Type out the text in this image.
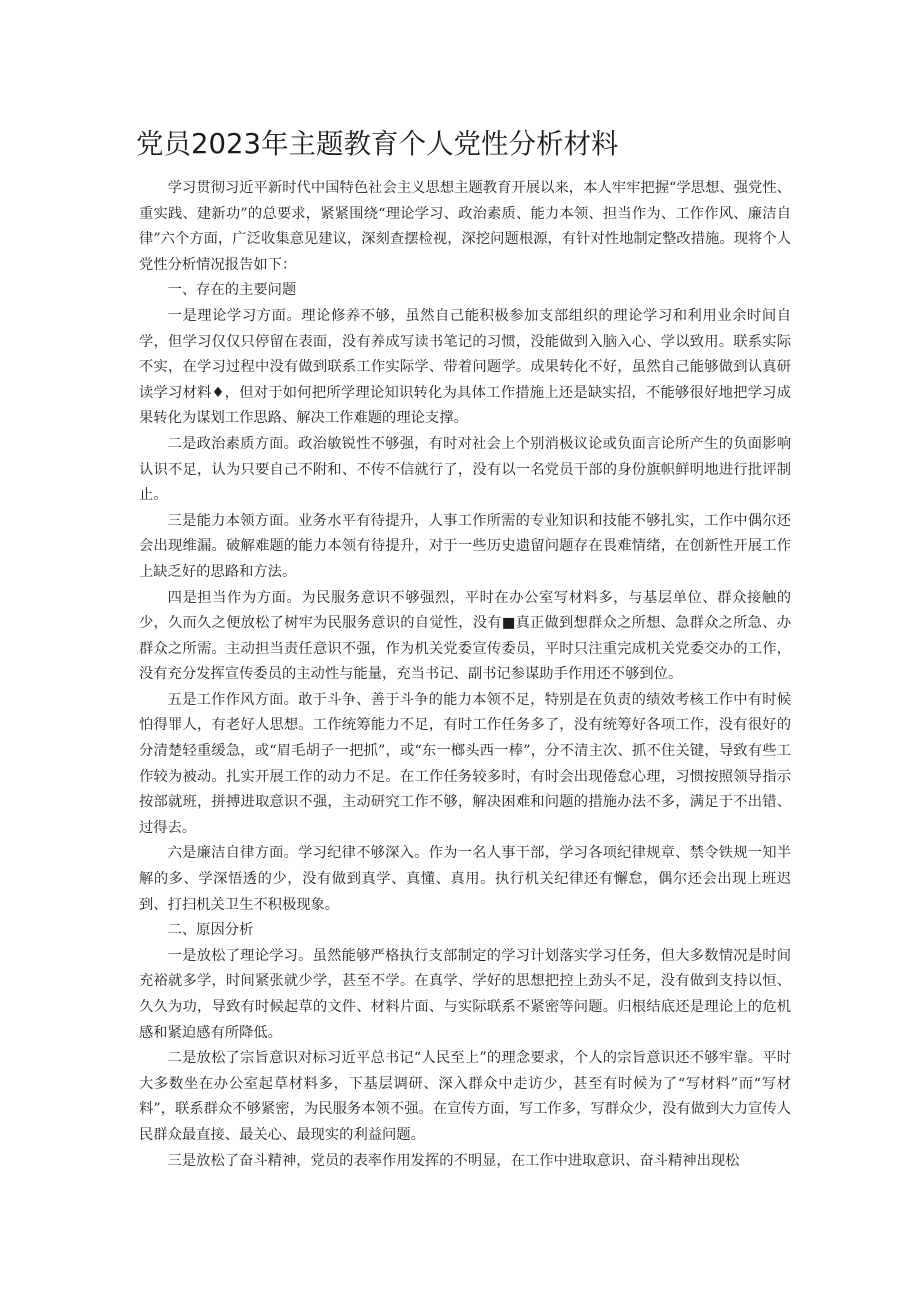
党员2023年主题教育个人党性分析材料

学习贯彻习近平新时代中国特色社会主义思想主题教育开展以来，本人牢牢把握“学思想、强党性、重实践、建新功”的总要求，紧紧围绕“理论学习、政治素质、能力本领、担当作为、工作作风、廉洁自律”六个方面，广泛收集意见建议，深刻查摆检视，深挖问题根源，有针对性地制定整改措施。现将个人党性分析情况报告如下：

一、存在的主要问题

一是理论学习方面。理论修养不够，虽然自己能积极参加支部组织的理论学习和利用业余时间自学，但学习仅仅只停留在表面，没有养成写读书笔记的习惯，没能做到入脑入心、学以致用。联系实际不实，在学习过程中没有做到联系工作实际学、带着问题学。成果转化不好，虽然自己能够做到认真研读学习材料♦，但对于如何把所学理论知识转化为具体工作措施上还是缺实招，不能够很好地把学习成果转化为谋划工作思路、解决工作难题的理论支撑。

二是政治素质方面。政治敏锐性不够强，有时对社会上个别消极议论或负面言论所产生的负面影响认识不足，认为只要自己不附和、不传不信就行了，没有以一名党员干部的身份旗帜鲜明地进行批评制止。

三是能力本领方面。业务水平有待提升，人事工作所需的专业知识和技能不够扎实，工作中偶尔还会出现维漏。破解难题的能力本领有待提升，对于一些历史遗留问题存在畏难情绪，在创新性开展工作上缺乏好的思路和方法。

四是担当作为方面。为民服务意识不够强烈，平时在办公室写材料多，与基层单位、群众接触的少，久而久之便放松了树牢为民服务意识的自觉性，没有■真正做到想群众之所想、急群众之所急、办群众之所需。主动担当责任意识不强，作为机关党委宣传委员，平时只注重完成机关党委交办的工作，没有充分发挥宣传委员的主动性与能量，充当书记、副书记参谋助手作用还不够到位。

五是工作作风方面。敢于斗争、善于斗争的能力本领不足，特别是在负责的绩效考核工作中有时候怕得罪人，有老好人思想。工作统筹能力不足，有时工作任务多了，没有统筹好各项工作，没有很好的分清楚轻重缓急，或“眉毛胡子一把抓”，或“东一榔头西一棒”，分不清主次、抓不住关键，导致有些工作较为被动。扎实开展工作的动力不足。在工作任务较多时，有时会出现倦怠心理，习惯按照领导指示按部就班，拼搏进取意识不强，主动研究工作不够，解决困难和问题的措施办法不多，满足于不出错、过得去。

六是廉洁自律方面。学习纪律不够深入。作为一名人事干部，学习各项纪律规章、禁令铁规一知半解的多、学深悟透的少，没有做到真学、真懂、真用。执行机关纪律还有懈怠，偶尔还会出现上班迟到、打扫机关卫生不积极现象。

二、原因分析

一是放松了理论学习。虽然能够严格执行支部制定的学习计划落实学习任务，但大多数情况是时间充裕就多学，时间紧张就少学，甚至不学。在真学、学好的思想把控上劲头不足，没有做到支持以恒、久久为功，导致有时候起草的文件、材料片面、与实际联系不紧密等问题。归根结底还是理论上的危机感和紧迫感有所降低。

二是放松了宗旨意识对标习近平总书记“人民至上”的理念要求，个人的宗旨意识还不够牢靠。平时大多数坐在办公室起草材料多，下基层调研、深入群众中走访少，甚至有时候为了“写材料”而“写材料”，联系群众不够紧密，为民服务本领不强。在宣传方面，写工作多，写群众少，没有做到大力宣传人民群众最直接、最关心、最现实的利益问题。

三是放松了奋斗精神，党员的表率作用发挥的不明显，在工作中进取意识、奋斗精神出现松
